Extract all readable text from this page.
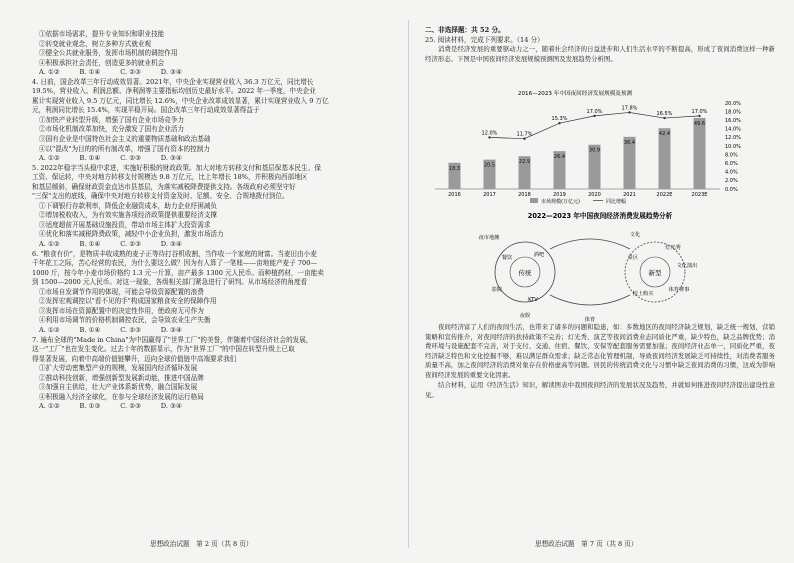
①依据市场需求，提升专业知识和职业技能
②转变就业观念，树立多种方式就业观
③健全公共就业服务，发挥市场机制的调控作用
④积极承担社会责任，创造更多的就业机会
A. ①②　　　B. ①④　　　C. ②③　　　D. ③④
4. 日前，国企改革三年行动成效显著。2021年，中央企业实现营业收入 36.3 万亿元，同比增长
19.5%，营业收入、利润总额、净利润等主要指标均创历史最好水平。2022 年一季度，中央企业
累计实现营业收入 9.5 万亿元，同比增长 12.6%，中央企业改革成效显著，累计实现营业收入 9 万亿
元，利润同比增长 15.4%，实现平稳开局。国企改革三年行动成效显著得益于
①加快产业转型升级，增强了国有企业市场竞争力
②市场化机制改革加快，充分激发了国有企业活力
③国有企业是中国特色社会主义的重要物质基础和政治基础
④以"混改"为目的的所有制改革，增强了国有资本的控制力
A. ①②　　　B. ①④　　　C. ②③　　　D. ③④
5. 2022年稳字当头稳中求进，实施好积极的财政政策。加大对地方转移支付和基层保基本民生、保
工资、保运转，中央对地方转移支付规模达 9.8 万亿元，比上年增长 18%，并积极向西部地区
和基层倾斜，确保财政资金直达市县基层，为落实减税降费提供支持。各级政府必须坚守好
"三保"支出的底线，确保中央对地方转移支付资金及时、足额、安全、合规地拨付到位。
①下调银行存款利率，降低企业融资成本，助力企业纾困减负
②增加税收收入，为有效实施各项经济政策提供重要经济支撑
③适度超前开展基础设施投资，带动市场主体扩大投资需求
④优化和落实减税降费政策，减轻中小企业负担，激发市场活力
A. ①②　　　B. ①④　　　C. ②③　　　D. ③④
6. "粮食有价"，是物质丰收成熟的麦子正等待打谷机收割，当作收一个家庭的财富。当麦田由小麦
千年花工之际，苦心经营的农民，为什么要这么做？因为有人算了一笔账——亩地能产麦子 700—
1000 斤，按今年小麦市场价格约 1.3 元一斤算，亩产最多 1300 元人民币。而种植药材，一亩能卖
到 1500—2000 元人民币。对这一现象，各级相关部门紧急进行了研判。从市场经济的角度看
①市场自发调节作用的体现，可能会导致资源配置的浪费
②发挥宏观调控以"看不见的手"构成国家粮食安全的保障作用
③发挥市场在资源配置中的决定性作用，使政府无可作为
④利用市场调节的价格机制调控农民，会导致农业生产失衡
A. ①②　　　B. ①④　　　C. ②③　　　D. ③④
7. 遍布全球的"Made in China"为中国赢得了"世界工厂"的美誉，伴随着中国经济社会的发展，
这一"工厂"也在发生变化。过去十年的数据显示，作为"世界工厂"的中国在转型升级上已取
得显著发展，向着中高端价值链攀升，迈向全球价值链中高端要求我们
①扩大劳动密集型产业的规模，发展国内经济循环发展
②推动科技创新，增强创新型发展新动能，推进中国品牌
③加强自主供给，壮大产业体系新优势，融合国际发展
④积极融入经济全球化，在参与全球经济发展的运行格局
A. ①②　　　B. ①③　　　C. ②③　　　D. ③④
思想政治试题　第 2 页（共 8 页）
二、非选择题：共 52 分。
25. 阅读材料，完成下列要求。（14 分）
消费是经济发展的重要驱动力之一，随着社会经济的日益进步和人们生活水平的不断提高，形成了夜间消费这样一种新经济形态。下图是中国夜间经济发展规模预测图及发展趋势分析图。
2016—2023 年中国夜间经济发展规模及预测
18.3
2016
20.5
2017
22.9
2018
26.4
2019
30.9
2020
36.4
2021
42.4
2022E
49.6
2023E
12.0%	11.7%
15.3%
17.0%
17.8%
16.5%	17.0%
20.0%
18.0%
16.0%
14.0%
12.0%
10.0%
8.0%
6.0%
4.0%
2.0%
0.0%
市场规模(万亿元)	同比增幅
2022—2023 年中国夜间经济消费发展趋势分析
传统	新型
夜市地摊
餐饮	酒吧
影院
KTV
文化
灯光秀
文化演出
景区
校上购买
体育赛事
夜娱
体育
夜间经济富了人们的夜间生活，也带来了诸多的问题和隐患，如：多数地区的夜间经济缺乏规划，缺乏统一规划，营销策略和宣传推介，对夜间经济的扶持政策不完善；灯光秀、演艺等夜间消费业态同质化严重，缺少特色，缺乏品牌优势；消费环境与设施配套不完善，对于支付、交通、住宿、餐饮、安保等配套服务需要加强；夜间经济业态单一，同质化严重，夜经济缺乏特色和文化挖掘不够，难以满足群众需求；缺乏常态化管理机制，导致夜间经济发展缺乏可持续性，对消费者服务质量不高，加之夜间经济的消费对象存在价格虚高等问题。居民的传统消费文化与习惯中缺乏夜间消费的习惯，这成为影响夜间经济发展的重要文化因素。
结合材料，运用《经济生活》知识，解读图表中我国夜间经济的发展状况及趋势，并就如何推进夜间经济提出建设性意见。
思想政治试题　第 7 页（共 8 页）
